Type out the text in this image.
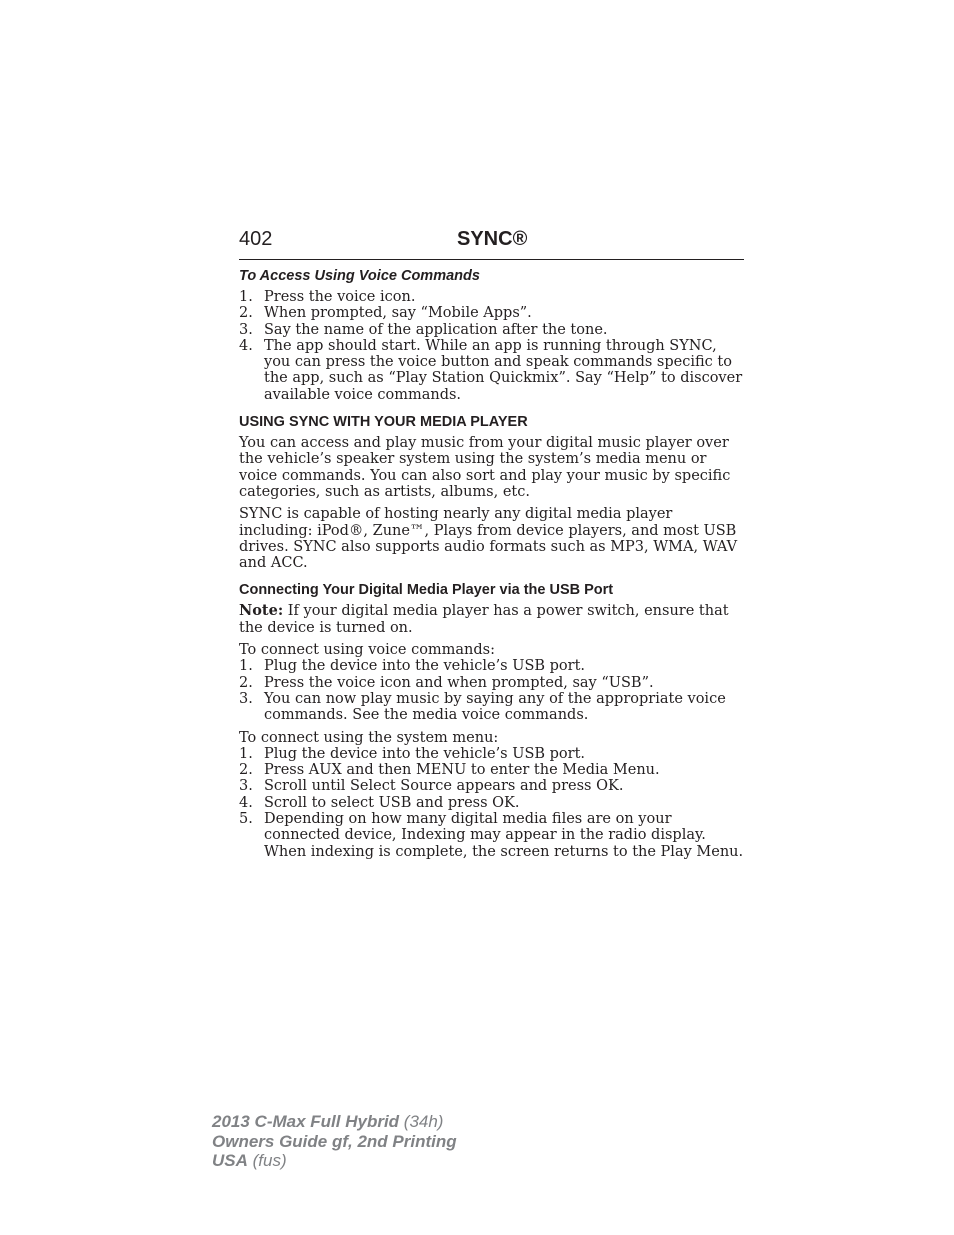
402	SYNC®
To Access Using Voice Commands
1. Press the voice icon.
2. When prompted, say “Mobile Apps”.
3. Say the name of the application after the tone.
4. The app should start. While an app is running through SYNC, you can press the voice button and speak commands specific to the app, such as “Play Station Quickmix”. Say “Help” to discover available voice commands.
USING SYNC WITH YOUR MEDIA PLAYER

You can access and play music from your digital music player over the vehicle’s speaker system using the system’s media menu or voice commands. You can also sort and play your music by specific categories, such as artists, albums, etc.

SYNC is capable of hosting nearly any digital media player including: iPod®, Zune™, Plays from device players, and most USB drives. SYNC also supports audio formats such as MP3, WMA, WAV and ACC.

Connecting Your Digital Media Player via the USB Port

Note: If your digital media player has a power switch, ensure that the device is turned on.

To connect using voice commands:

1. Plug the device into the vehicle’s USB port.
2. Press the voice icon and when prompted, say “USB”.
3. You can now play music by saying any of the appropriate voice commands. See the media voice commands.

To connect using the system menu:

1. Plug the device into the vehicle’s USB port.
2. Press AUX and then MENU to enter the Media Menu.
3. Scroll until Select Source appears and press OK.
4. Scroll to select USB and press OK.
5. Depending on how many digital media files are on your connected device, Indexing may appear in the radio display. When indexing is complete, the screen returns to the Play Menu.
2013 C-Max Full Hybrid (34h)
Owners Guide gf, 2nd Printing
USA (fus)
